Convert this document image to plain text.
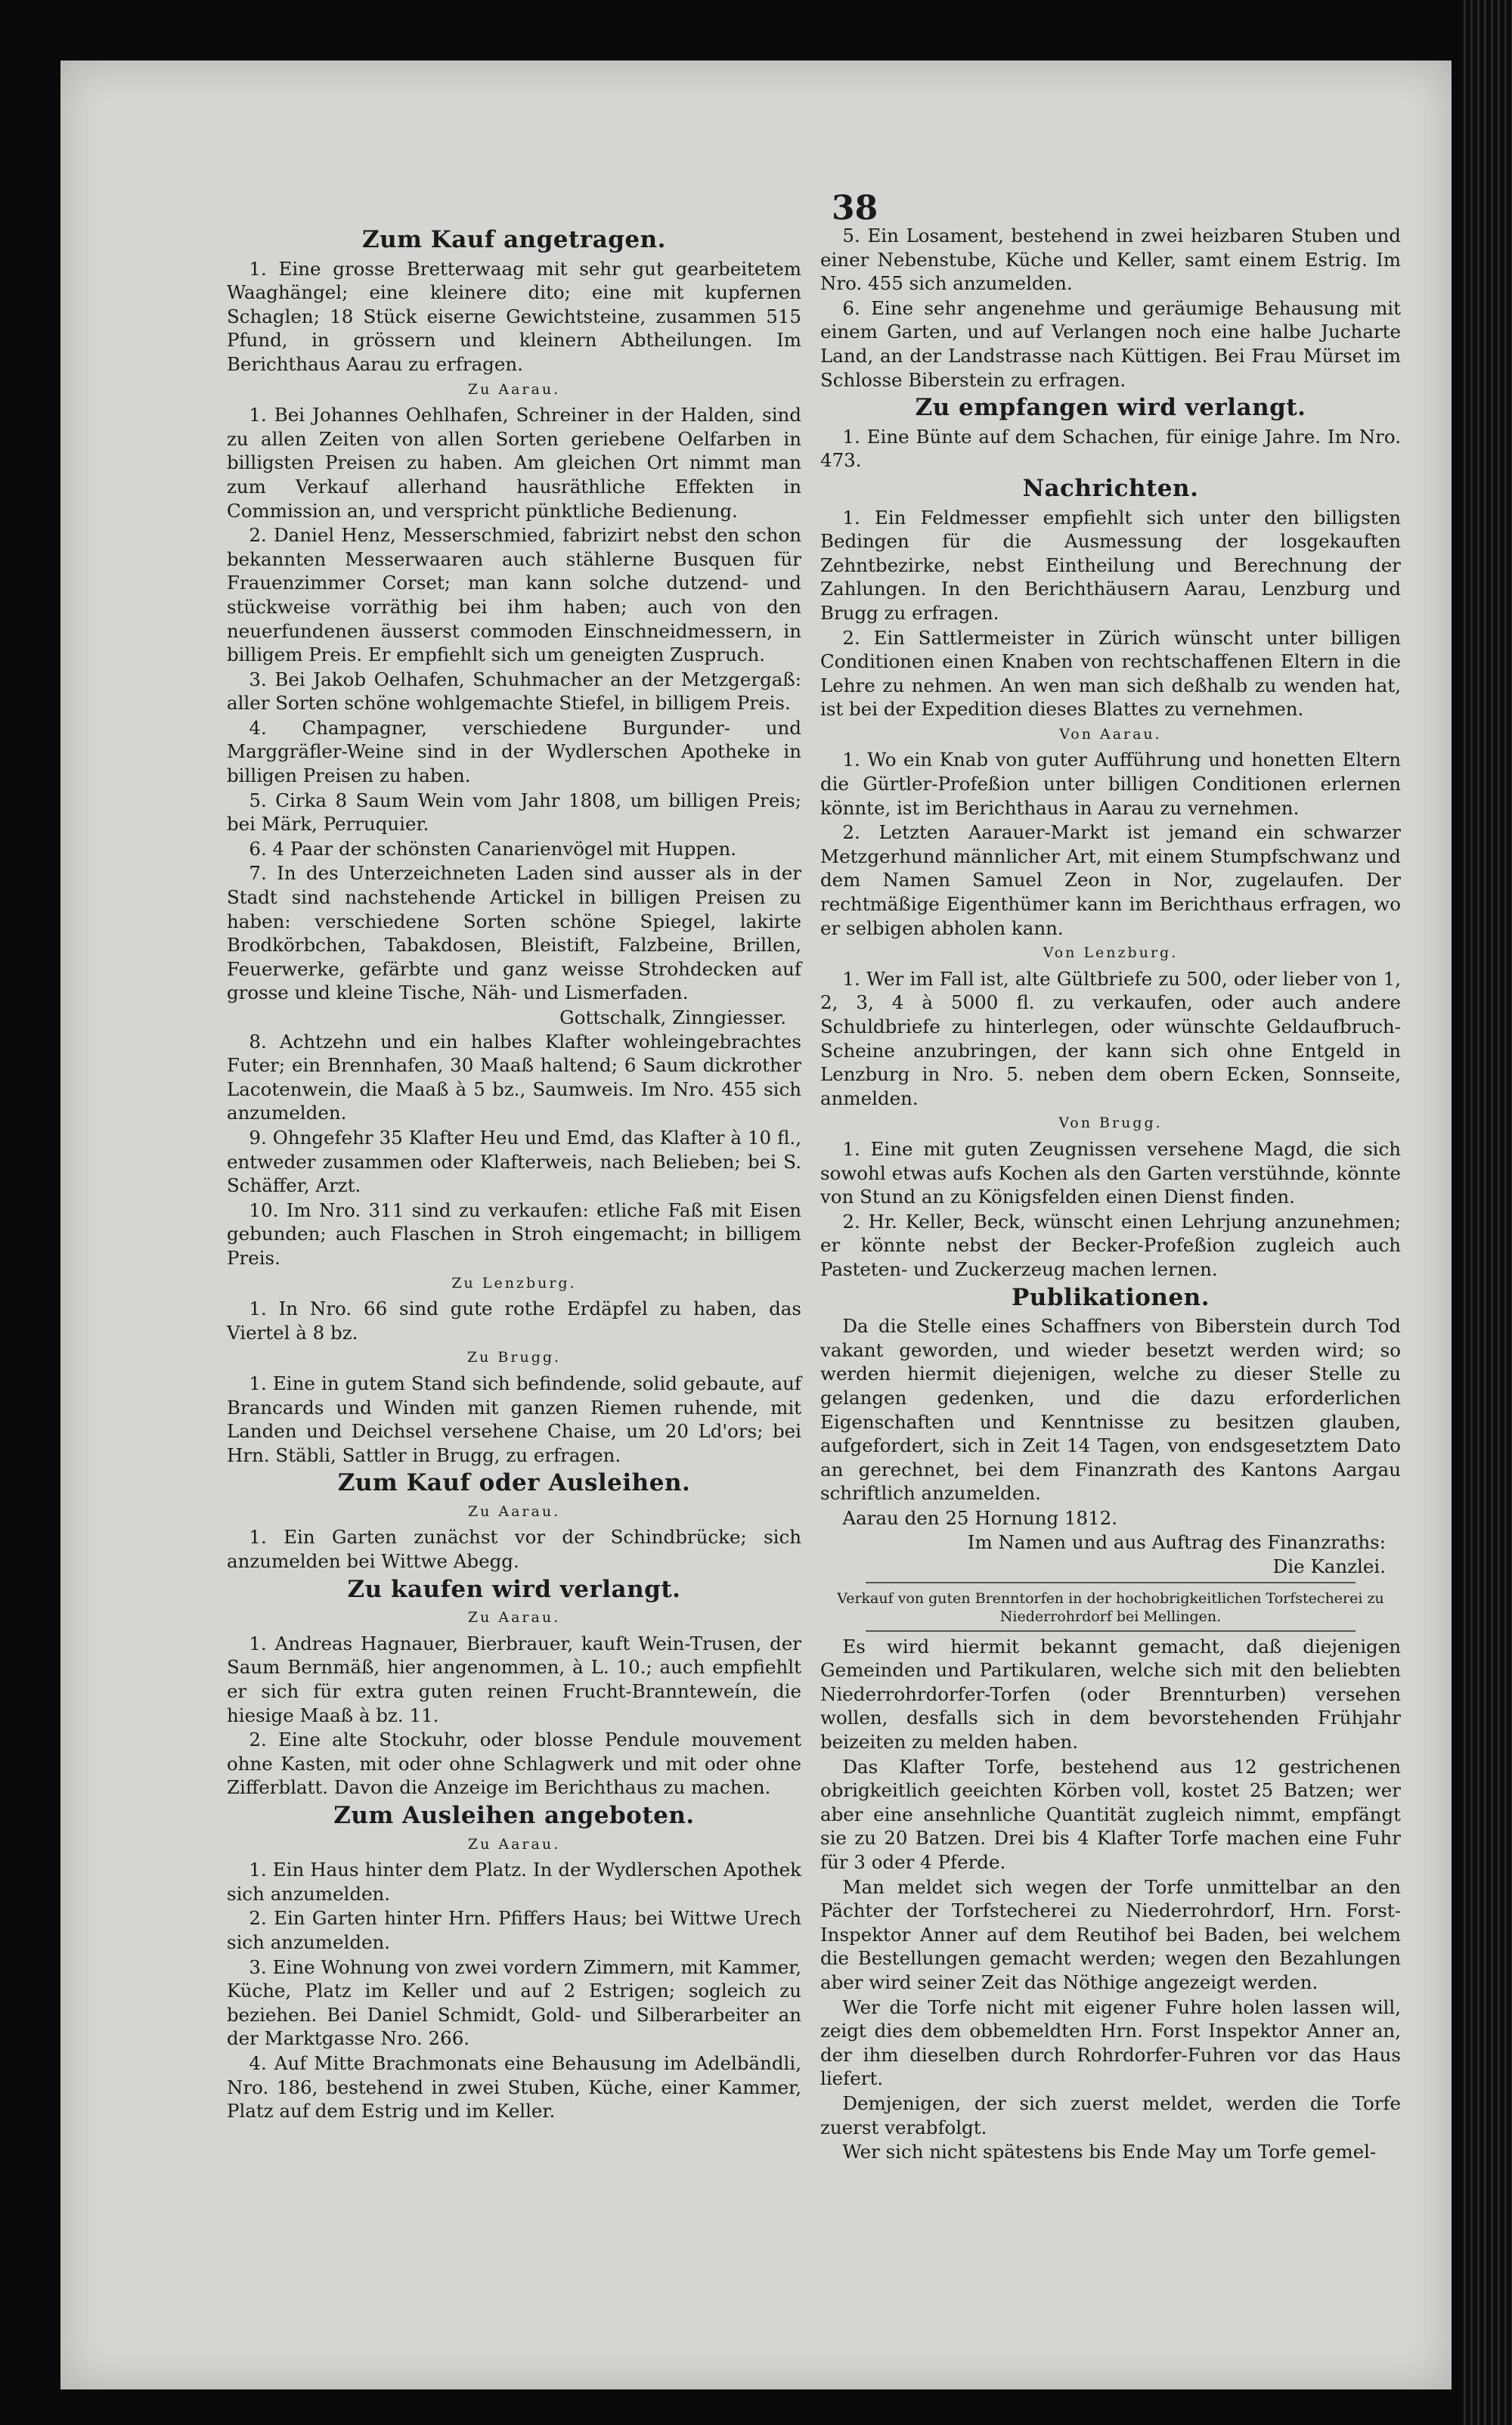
38
Zum Kauf angetragen.

1. Eine grosse Bretterwaag mit sehr gut gearbeitetem Waaghängel; eine kleinere dito; eine mit kupfernen Schaglen; 18 Stück eiserne Gewichtsteine, zusammen 515 Pfund, in grössern und kleinern Abtheilungen. Im Berichthaus Aarau zu erfragen.

Zu Aarau.

1. Bei Johannes Oehlhafen, Schreiner in der Halden, sind zu allen Zeiten von allen Sorten geriebene Oelfarben in billigsten Preisen zu haben. Am gleichen Ort nimmt man zum Verkauf allerhand hausräthliche Effekten in Commission an, und verspricht pünktliche Bedienung.

2. Daniel Henz, Messerschmied, fabrizirt nebst den schon bekannten Messerwaaren auch stählerne Busquen für Frauenzimmer Corset; man kann solche dutzend- und stückweise vorräthig bei ihm haben; auch von den neuerfundenen äusserst commoden Einschneidmessern, in billigem Preis. Er empfiehlt sich um geneigten Zuspruch.

3. Bei Jakob Oelhafen, Schuhmacher an der Metzgergaß: aller Sorten schöne wohlgemachte Stiefel, in billigem Preis.

4. Champagner, verschiedene Burgunder- und Marggräfler-Weine sind in der Wydlerschen Apotheke in billigen Preisen zu haben.

5. Cirka 8 Saum Wein vom Jahr 1808, um billigen Preis; bei Märk, Perruquier.

6. 4 Paar der schönsten Canarienvögel mit Huppen.

7. In des Unterzeichneten Laden sind ausser als in der Stadt sind nachstehende Artickel in billigen Preisen zu haben: verschiedene Sorten schöne Spiegel, lakirte Brodkörbchen, Tabakdosen, Bleistift, Falzbeine, Brillen, Feuerwerke, gefärbte und ganz weisse Strohdecken auf grosse und kleine Tische, Näh- und Lismerfaden.

Gottschalk, Zinngiesser.

8. Achtzehn und ein halbes Klafter wohleingebrachtes Futer; ein Brennhafen, 30 Maaß haltend; 6 Saum dickrother Lacotenwein, die Maaß à 5 bz., Saumweis. Im Nro. 455 sich anzumelden.

9. Ohngefehr 35 Klafter Heu und Emd, das Klafter à 10 fl., entweder zusammen oder Klafterweis, nach Belieben; bei S. Schäffer, Arzt.

10. Im Nro. 311 sind zu verkaufen: etliche Faß mit Eisen gebunden; auch Flaschen in Stroh eingemacht; in billigem Preis.

Zu Lenzburg.

1. In Nro. 66 sind gute rothe Erdäpfel zu haben, das Viertel à 8 bz.

Zu Brugg.

1. Eine in gutem Stand sich befindende, solid gebaute, auf Brancards und Winden mit ganzen Riemen ruhende, mit Landen und Deichsel versehene Chaise, um 20 Ld'ors; bei Hrn. Stäbli, Sattler in Brugg, zu erfragen.

Zum Kauf oder Ausleihen.
Zu Aarau.

1. Ein Garten zunächst vor der Schindbrücke; sich anzumelden bei Wittwe Abegg.

Zu kaufen wird verlangt.
Zu Aarau.

1. Andreas Hagnauer, Bierbrauer, kauft Wein-Trusen, der Saum Bernmäß, hier angenommen, à L. 10.; auch empfiehlt er sich für extra guten reinen Frucht-Brannteweín, die hiesige Maaß à bz. 11.

2. Eine alte Stockuhr, oder blosse Pendule mouvement ohne Kasten, mit oder ohne Schlagwerk und mit oder ohne Zifferblatt. Davon die Anzeige im Berichthaus zu machen.

Zum Ausleihen angeboten.
Zu Aarau.

1. Ein Haus hinter dem Platz. In der Wydlerschen Apothek sich anzumelden.

2. Ein Garten hinter Hrn. Pfiffers Haus; bei Wittwe Urech sich anzumelden.

3. Eine Wohnung von zwei vordern Zimmern, mit Kammer, Küche, Platz im Keller und auf 2 Estrigen; sogleich zu beziehen. Bei Daniel Schmidt, Gold- und Silberarbeiter an der Marktgasse Nro. 266.

4. Auf Mitte Brachmonats eine Behausung im Adelbändli, Nro. 186, bestehend in zwei Stuben, Küche, einer Kammer, Platz auf dem Estrig und im Keller.

5. Ein Losament, bestehend in zwei heizbaren Stuben und einer Nebenstube, Küche und Keller, samt einem Estrig. Im Nro. 455 sich anzumelden.

6. Eine sehr angenehme und geräumige Behausung mit einem Garten, und auf Verlangen noch eine halbe Jucharte Land, an der Landstrasse nach Küttigen. Bei Frau Mürset im Schlosse Biberstein zu erfragen.

Zu empfangen wird verlangt.

1. Eine Bünte auf dem Schachen, für einige Jahre. Im Nro. 473.

Nachrichten.

1. Ein Feldmesser empfiehlt sich unter den billigsten Bedingen für die Ausmessung der losgekauften Zehntbezirke, nebst Eintheilung und Berechnung der Zahlungen. In den Berichthäusern Aarau, Lenzburg und Brugg zu erfragen.

2. Ein Sattlermeister in Zürich wünscht unter billigen Conditionen einen Knaben von rechtschaffenen Eltern in die Lehre zu nehmen. An wen man sich deßhalb zu wenden hat, ist bei der Expedition dieses Blattes zu vernehmen.

Von Aarau.

1. Wo ein Knab von guter Aufführung und honetten Eltern die Gürtler-Profeßion unter billigen Conditionen erlernen könnte, ist im Berichthaus in Aarau zu vernehmen.

2. Letzten Aarauer-Markt ist jemand ein schwarzer Metzgerhund männlicher Art, mit einem Stumpfschwanz und dem Namen Samuel Zeon in Nor, zugelaufen. Der rechtmäßige Eigenthümer kann im Berichthaus erfragen, wo er selbigen abholen kann.

Von Lenzburg.

1. Wer im Fall ist, alte Gültbriefe zu 500, oder lieber von 1, 2, 3, 4 à 5000 fl. zu verkaufen, oder auch andere Schuldbriefe zu hinterlegen, oder wünschte Geldaufbruch-Scheine anzubringen, der kann sich ohne Entgeld in Lenzburg in Nro. 5. neben dem obern Ecken, Sonnseite, anmelden.

Von Brugg.

1. Eine mit guten Zeugnissen versehene Magd, die sich sowohl etwas aufs Kochen als den Garten verstühnde, könnte von Stund an zu Königsfelden einen Dienst finden.

2. Hr. Keller, Beck, wünscht einen Lehrjung anzunehmen; er könnte nebst der Becker-Profeßion zugleich auch Pasteten- und Zuckerzeug machen lernen.

Publikationen.

Da die Stelle eines Schaffners von Biberstein durch Tod vakant geworden, und wieder besetzt werden wird; so werden hiermit diejenigen, welche zu dieser Stelle zu gelangen gedenken, und die dazu erforderlichen Eigenschaften und Kenntnisse zu besitzen glauben, aufgefordert, sich in Zeit 14 Tagen, von endsgesetztem Dato an gerechnet, bei dem Finanzrath des Kantons Aargau schriftlich anzumelden.

Aarau den 25 Hornung 1812.

Im Namen und aus Auftrag des Finanzraths:

Die Kanzlei.

Verkauf von guten Brenntorfen in der hochobrigkeitlichen Torfstecherei zu Niederrohrdorf bei Mellingen.

Es wird hiermit bekannt gemacht, daß diejenigen Gemeinden und Partikularen, welche sich mit den beliebten Niederrohrdorfer-Torfen (oder Brennturben) versehen wollen, desfalls sich in dem bevorstehenden Frühjahr beizeiten zu melden haben.

Das Klafter Torfe, bestehend aus 12 gestrichenen obrigkeitlich geeichten Körben voll, kostet 25 Batzen; wer aber eine ansehnliche Quantität zugleich nimmt, empfängt sie zu 20 Batzen. Drei bis 4 Klafter Torfe machen eine Fuhr für 3 oder 4 Pferde.

Man meldet sich wegen der Torfe unmittelbar an den Pächter der Torfstecherei zu Niederrohrdorf, Hrn. Forst-Inspektor Anner auf dem Reutihof bei Baden, bei welchem die Bestellungen gemacht werden; wegen den Bezahlungen aber wird seiner Zeit das Nöthige angezeigt werden.

Wer die Torfe nicht mit eigener Fuhre holen lassen will, zeigt dies dem obbemeldten Hrn. Forst Inspektor Anner an, der ihm dieselben durch Rohrdorfer-Fuhren vor das Haus liefert.

Demjenigen, der sich zuerst meldet, werden die Torfe zuerst verabfolgt.

Wer sich nicht spätestens bis Ende May um Torfe gemel-
